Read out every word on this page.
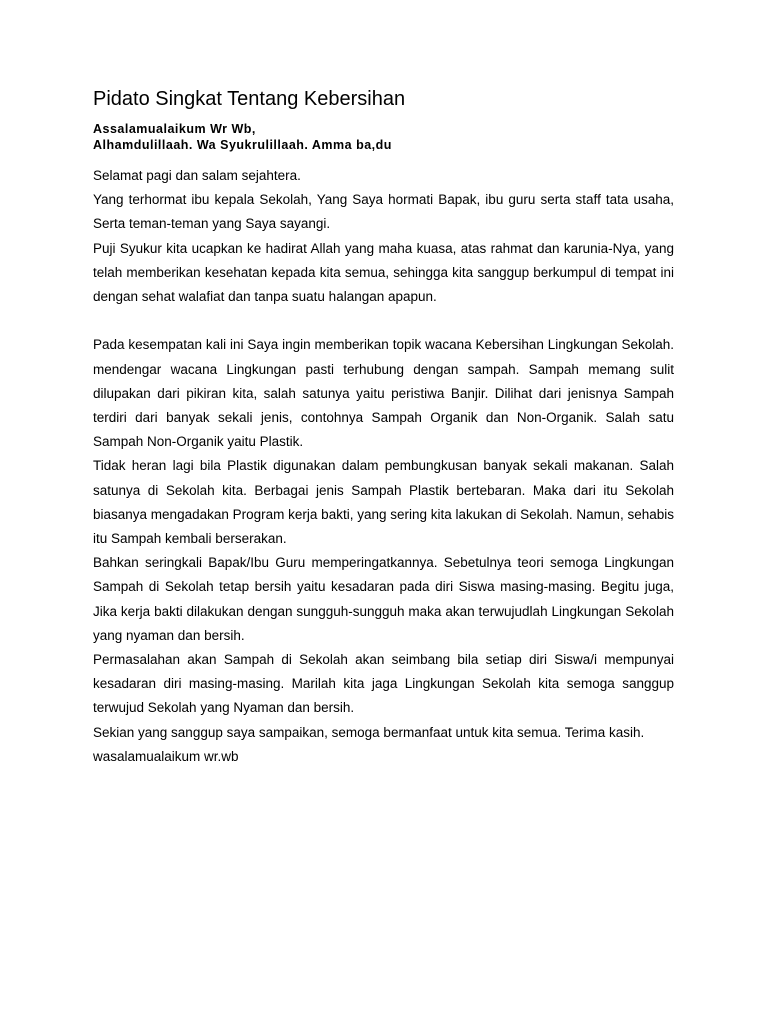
Pidato Singkat Tentang Kebersihan
Assalamualaikum Wr Wb,
Alhamdulillaah. Wa Syukrulillaah. Amma ba,du

Selamat pagi dan salam sejahtera.

Yang terhormat ibu kepala Sekolah, Yang Saya hormati Bapak, ibu guru serta staff tata usaha, Serta teman-teman yang Saya sayangi.

Puji Syukur kita ucapkan ke hadirat Allah yang maha kuasa, atas rahmat dan karunia-Nya, yang telah memberikan kesehatan kepada kita semua, sehingga kita sanggup berkumpul di tempat ini dengan sehat walafiat dan tanpa suatu halangan apapun.

Pada kesempatan kali ini Saya ingin memberikan topik wacana Kebersihan Lingkungan Sekolah. mendengar wacana Lingkungan pasti terhubung dengan sampah. Sampah memang sulit dilupakan dari pikiran kita, salah satunya yaitu peristiwa Banjir. Dilihat dari jenisnya Sampah terdiri dari banyak sekali jenis, contohnya Sampah Organik dan Non-Organik. Salah satu Sampah Non-Organik yaitu Plastik.

Tidak heran lagi bila Plastik digunakan dalam pembungkusan banyak sekali makanan. Salah satunya di Sekolah kita. Berbagai jenis Sampah Plastik bertebaran. Maka dari itu Sekolah biasanya mengadakan Program kerja bakti, yang sering kita lakukan di Sekolah. Namun, sehabis itu Sampah kembali berserakan.

Bahkan seringkali Bapak/Ibu Guru memperingatkannya. Sebetulnya teori semoga Lingkungan Sampah di Sekolah tetap bersih yaitu kesadaran pada diri Siswa masing-masing. Begitu juga, Jika kerja bakti dilakukan dengan sungguh-sungguh maka akan terwujudlah Lingkungan Sekolah yang nyaman dan bersih.

Permasalahan akan Sampah di Sekolah akan seimbang bila setiap diri Siswa/i mempunyai kesadaran diri masing-masing. Marilah kita jaga Lingkungan Sekolah kita semoga sanggup terwujud Sekolah yang Nyaman dan bersih.

Sekian yang sanggup saya sampaikan, semoga bermanfaat untuk kita semua. Terima kasih.

wasalamualaikum wr.wb
